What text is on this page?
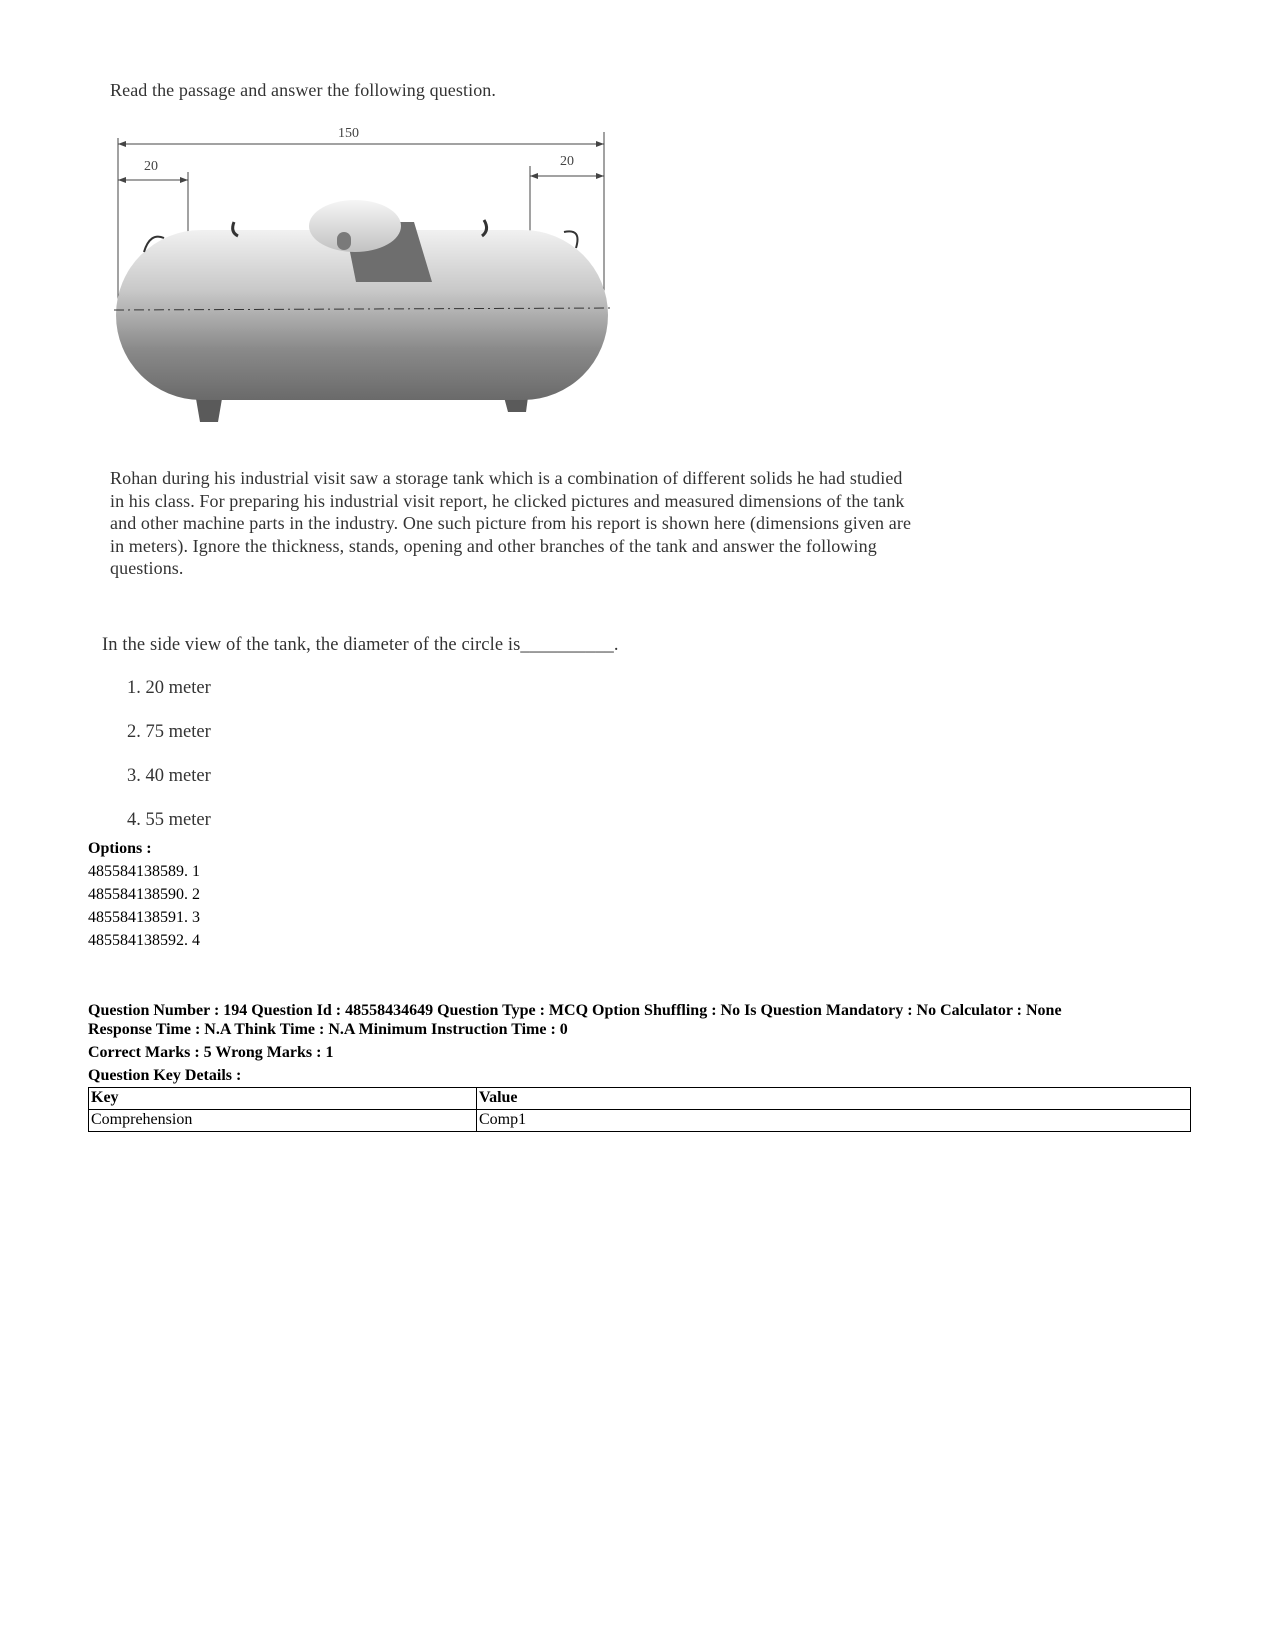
Read the passage and answer the following question.
150
20	20
Rohan during his industrial visit saw a storage tank which is a combination of different solids he had studied
in his class. For preparing his industrial visit report, he clicked pictures and measured dimensions of the tank
and other machine parts in the industry. One such picture from his report is shown here (dimensions given are
in meters). Ignore the thickness, stands, opening and other branches of the tank and answer the following
questions.
In the side view of the tank, the diameter of the circle is__________.
1. 20 meter
2. 75 meter
3. 40 meter
4. 55 meter
Options :
485584138589. 1
485584138590. 2
485584138591. 3
485584138592. 4
Question Number : 194 Question Id : 48558434649 Question Type : MCQ Option Shuffling : No Is Question Mandatory : No Calculator : None
Response Time : N.A Think Time : N.A Minimum Instruction Time : 0
Correct Marks : 5 Wrong Marks : 1
Question Key Details :
Key	Value
Comprehension	Comp1
